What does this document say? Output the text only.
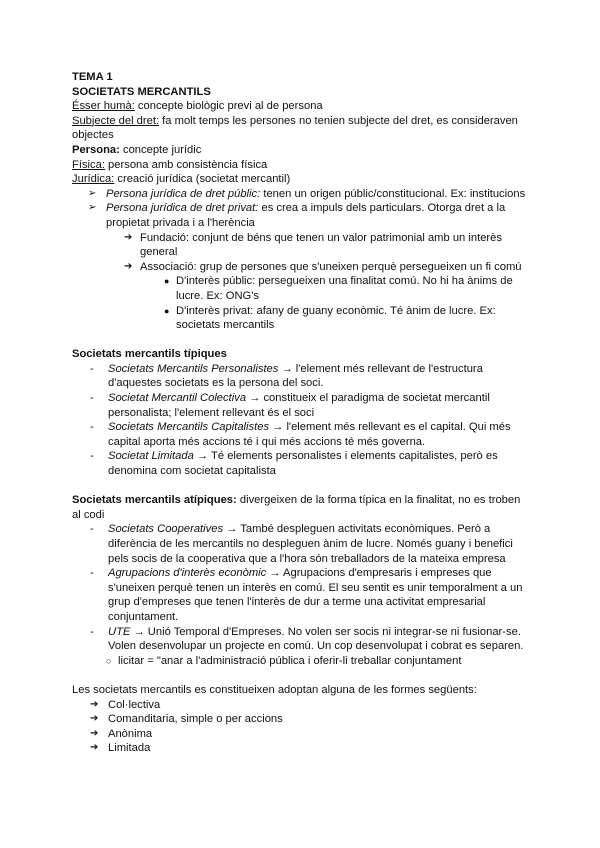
TEMA 1

SOCIETATS MERCANTILS

Ésser humà: concepte biològic previ al de persona

Subjecte del dret: fa molt temps les persones no tenien subjecte del dret, es consideraven objectes

Persona: concepte jurídic

Física: persona amb consistència física

Jurídica: creació jurídica (societat mercantil)

➢ Persona jurídica de dret públic: tenen un origen públic/constitucional. Ex: institucions
➢ Persona jurídica de dret privat: es crea a impuls dels particulars. Otorga dret a la propietat privada i a l'herència
➔ Fundació: conjunt de béns que tenen un valor patrimonial amb un interès general
➔ Associació: grup de persones que s'uneixen perquè persegueixen un fi comú
● D'interès públic: persegueixen una finalitat comú. No hi ha ànims de lucre. Ex: ONG's
● D'interès privat: afany de guany econòmic. Té ànim de lucre. Ex: societats mercantils

Societats mercantils típiques

- Societats Mercantils Personalistes → l'element més rellevant de l'estructura d'aquestes societats es la persona del soci.
- Societat Mercantil Colectiva → constitueix el paradigma de societat mercantil personalista; l'element rellevant és el soci
- Societats Mercantils Capitalistes → l'element més rellevant es el capital. Qui més capital aporta més accions té i qui més accions té més governa.
- Societat Limitada → Té elements personalistes i elements capitalistes, però es denomina com societat capitalista

Societats mercantils atípiques: divergeixen de la forma típica en la finalitat, no es troben al codi

- Societats Cooperatives → També despleguen activitats econòmiques. Però a diferència de les mercantils no despleguen ànim de lucre. Només guany i benefici pels socis de la cooperativa que a l'hora són treballadors de la mateixa empresa
- Agrupacions d'interès econòmic → Agrupacions d'empresaris i empreses que s'uneixen perquè tenen un interès en comú. El seu sentit es unir temporalment a un grup d'empreses que tenen l'interès de dur a terme una activitat empresarial conjuntament.
- UTE → Unió Temporal d'Empreses. No volen ser socis ni integrar-se ni fusionar-se. Volen desenvolupar un projecte en comú. Un cop desenvolupat i cobrat es separen.
○ licitar = "anar a l'administració pública i oferir-li treballar conjuntament

Les societats mercantils es constitueixen adoptan alguna de les formes següents:

➔ Col·lectiva
➔ Comanditaria, simple o per accions
➔ Anònima
➔ Limitada
